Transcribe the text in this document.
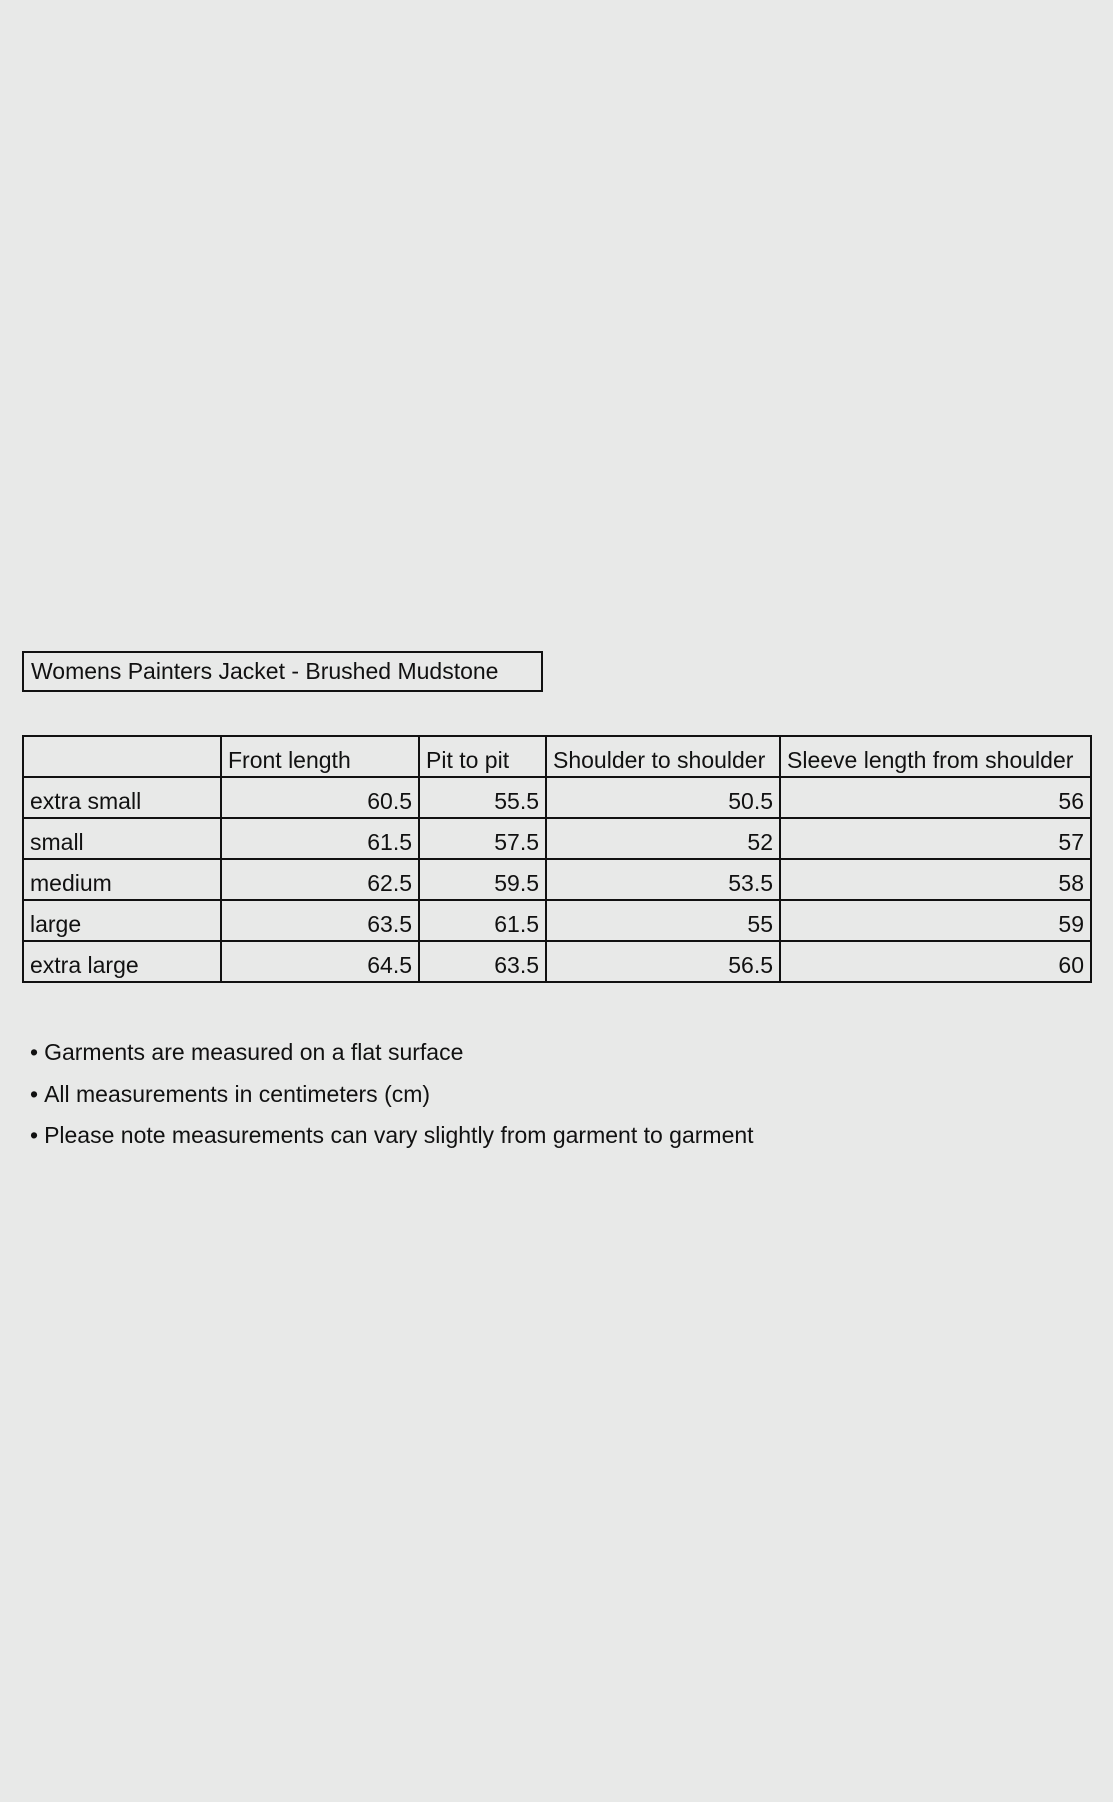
Womens Painters Jacket - Brushed Mudstone
	Front length	Pit to pit	Shoulder to shoulder	Sleeve length from shoulder
extra small	60.5	55.5	50.5	56
small	61.5	57.5	52	57
medium	62.5	59.5	53.5	58
large	63.5	61.5	55	59
extra large	64.5	63.5	56.5	60
• Garments are measured on a flat surface
• All measurements in centimeters (cm)
• Please note measurements can vary slightly from garment to garment
